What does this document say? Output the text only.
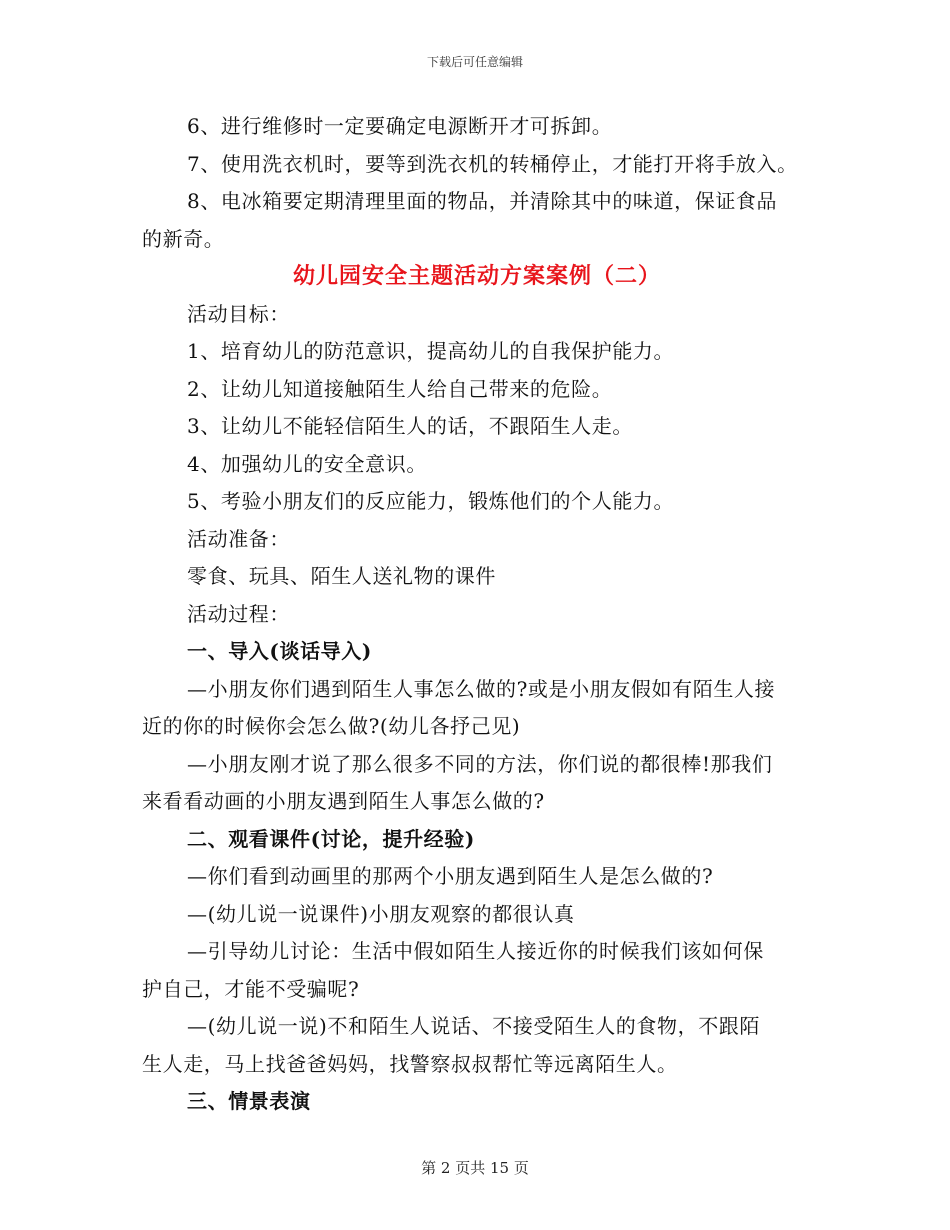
下载后可任意编辑
6、进行维修时一定要确定电源断开才可拆卸。
7、使用洗衣机时，要等到洗衣机的转桶停止，才能打开将手放入。
8、电冰箱要定期清理里面的物品，并清除其中的味道，保证食品
的新奇。
幼儿园安全主题活动方案案例（二）
活动目标：
1、培育幼儿的防范意识，提高幼儿的自我保护能力。
2、让幼儿知道接触陌生人给自己带来的危险。
3、让幼儿不能轻信陌生人的话，不跟陌生人走。
4、加强幼儿的安全意识。
5、考验小朋友们的反应能力，锻炼他们的个人能力。
活动准备：
零食、玩具、陌生人送礼物的课件
活动过程：
一、导入(谈话导入)
—小朋友你们遇到陌生人事怎么做的?或是小朋友假如有陌生人接
近的你的时候你会怎么做?(幼儿各抒己见)
—小朋友刚才说了那么很多不同的方法，你们说的都很棒!那我们
来看看动画的小朋友遇到陌生人事怎么做的?
二、观看课件(讨论，提升经验)
—你们看到动画里的那两个小朋友遇到陌生人是怎么做的?
—(幼儿说一说课件)小朋友观察的都很认真
—引导幼儿讨论：生活中假如陌生人接近你的时候我们该如何保
护自己，才能不受骗呢?
—(幼儿说一说)不和陌生人说话、不接受陌生人的食物，不跟陌
生人走，马上找爸爸妈妈，找警察叔叔帮忙等远离陌生人。
三、情景表演
第 2 页共 15 页
